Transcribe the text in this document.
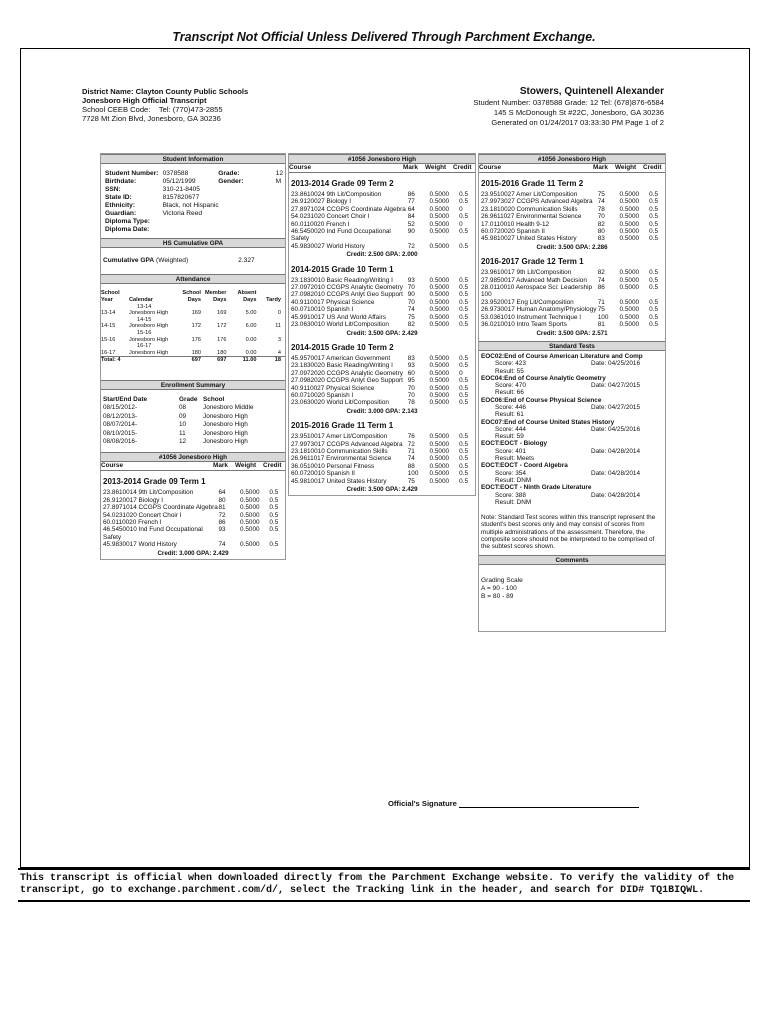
Transcript Not Official Unless Delivered Through Parchment Exchange.
District Name: Clayton County Public Schools
Jonesboro High Official Transcript
School CEEB Code: Tel: (770)473-2855
7728 Mt Zion Blvd, Jonesboro, GA 30236
Stowers, Quintenell Alexander
Student Number: 0378588 Grade: 12 Tel: (678)876-6584
145 S McDonough St #22C, Jonesboro, GA 30236
Generated on 01/24/2017 03:33:30 PM Page 1 of 2
Student Information
Student Number:	0378588	Grade:	12
Birthdate:	05/12/1999	Gender:	M
SSN:	310-21-8405		
State ID:	8157820677		
Ethnicity:	Black, not Hispanic		
Guardian:	Victoria Reed		
Diploma Type:			
Diploma Date:			
HS Cumulative GPA
Cumulative GPA
(Weighted)	2.327
Attendance
School Year	Calendar	School Days	Member Days	Absent Days	Tardy
13-14					
13-14	Jonesboro High	169	169	5.00	0
14-15					
14-15	Jonesboro High	172	172	6.00	11
15-16					
15-16	Jonesboro High	176	176	0.00	3
16-17					
16-17	Jonesboro High	180	180	0.00	4
Total: 4		697	697	11.00	18
Enrollment Summary
Start/End Date	Grade	School
08/15/2012-	08	Jonesboro Middle
08/12/2013-	09	Jonesboro High
08/07/2014-	10	Jonesboro High
08/10/2015-	11	Jonesboro High
08/08/2016-	12	Jonesboro High
#1056 Jonesboro High
Course	Mark	Weight	Credit
2013-2014 Grade 09 Term 1
23.8610014 9th Lit/Composition	64	0.5000	0.5
26.9120017 Biology I	80	0.5000	0.5
27.8971014 CCGPS Coordinate Algebra 81	0.5000	0.5
54.0231020 Concert Choir I	72	0.5000	0.5
60.0110020 French I	86	0.5000	0.5
46.5450010 Ind Fund Occupational Safety
93	0.5000	0.5
45.9830017 World History	74	0.5000	0.5
Credit: 3.000 GPA: 2.429
#1056 Jonesboro High
Course	Mark	Weight	Credit
2013-2014 Grade 09 Term 2
23.8610024 9th Lit/Composition	86	0.5000	0.5
26.9120027 Biology I	77	0.5000	0.5
27.8971024 CCGPS Coordinate Algebra 64	0.5000	0
54.0231020 Concert Choir I	84	0.5000	0.5
60.0110020 French I	52	0.5000	0
46.5450020 Ind Fund Occupational Safety
90	0.5000	0.5
45.9830027 World History	72	0.5000	0.5
Credit: 2.500 GPA: 2.000
2014-2015 Grade 10 Term 1
23.1830010 Basic Reading/Writing I	93	0.5000	0.5
27.0972010 CCGPS Analytic Geometry 70	0.5000	0.5
27.0982010 CCGPS Anlyt Geo Support 90	0.5000	0.5
40.9110017 Physical Science	70	0.5000	0.5
60.0710010 Spanish I	74	0.5000	0.5
45.9910017 US And World Affairs	75	0.5000	0.5
23.0630010 World Lit/Composition	82	0.5000	0.5
Credit: 3.500 GPA: 2.429
2014-2015 Grade 10 Term 2
45.9570017 American Government	83	0.5000	0.5
23.1830020 Basic Reading/Writing I	93	0.5000	0.5
27.0972020 CCGPS Analytic Geometry 60	0.5000	0
27.0982020 CCGPS Anlyt Geo Support 95	0.5000	0.5
40.9110027 Physical Science	70	0.5000	0.5
60.0710020 Spanish I	70	0.5000	0.5
23.0630020 World Lit/Composition	78	0.5000	0.5
Credit: 3.000 GPA: 2.143
2015-2016 Grade 11 Term 1
23.9510017 Amer Lit/Composition	76	0.5000	0.5
27.9973017 CCGPS Advanced Algebra 72	0.5000	0.5
23.1810010 Communication Skills	71	0.5000	0.5
26.9611017 Environmental Science	74	0.5000	0.5
36.0510010 Personal Fitness	88	0.5000	0.5
60.0720010 Spanish II	100	0.5000	0.5
45.9810017 United States History	75	0.5000	0.5
Credit: 3.500 GPA: 2.429
#1056 Jonesboro High
Course	Mark	Weight	Credit
2015-2016 Grade 11 Term 2
23.9510027 Amer Lit/Composition	75	0.5000	0.5
27.9973027 CCGPS Advanced Algebra 74	0.5000	0.5
23.1810020 Communication Skills	78	0.5000	0.5
26.9611027 Environmental Science	70	0.5000	0.5
17.0110010 Health 9-12	82	0.5000	0.5
60.0720020 Spanish II	80	0.5000	0.5
45.9810027 United States History	83	0.5000	0.5
Credit: 3.500 GPA: 2.286
2016-2017 Grade 12 Term 1
23.9610017 9th Lit/Composition	82	0.5000	0.5
27.9850017 Advanced Math Decision	74	0.5000	0.5
28.0110010 Aerospace Sci: Leadership 100
86	0.5000	0.5
23.9520017 Eng Lit/Composition	71	0.5000	0.5
26.9730017 Human Anatomy/Physiology 75	0.5000	0.5
53.0361010 Instrument Technique I	100	0.5000	0.5
36.0210010 Intro Team Sports	81	0.5000	0.5
Credit: 3.500 GPA: 2.571
Standard Tests
EOC02:End of Course American Literature and Comp
Score: 423	Date: 04/25/2016
Result: 55
EOC04:End of Course Analytic Geometry
Score: 470	Date: 04/27/2015
Result: 66
EOC06:End of Course Physical Science
Score: 446	Date: 04/27/2015
Result: 61
EOC07:End of Course United States History
Score: 444	Date: 04/25/2016
Result: 59
EOCT:EOCT - Biology
Score: 401	Date: 04/28/2014
Result: Meets
EOCT:EOCT - Coord Algebra
Score: 354	Date: 04/28/2014
Result: DNM
EOCT:EOCT - Ninth Grade Literature
Score: 388	Date: 04/28/2014
Result: DNM
Note: Standard Test scores within this transcript represent the student's best scores only and may consist of scores from multiple administrations of the assessment. Therefore, the composite score should not be interpreted to be comprised of the subtest scores shown.
Comments
Grading Scale
A = 90 - 100
B = 80 - 89
Official's Signature
This transcript is official when downloaded directly from the Parchment Exchange website. To verify the validity of the transcript, go to exchange.parchment.com/d/, select the Tracking link in the header, and search for DID# TQ1BIQWL.
